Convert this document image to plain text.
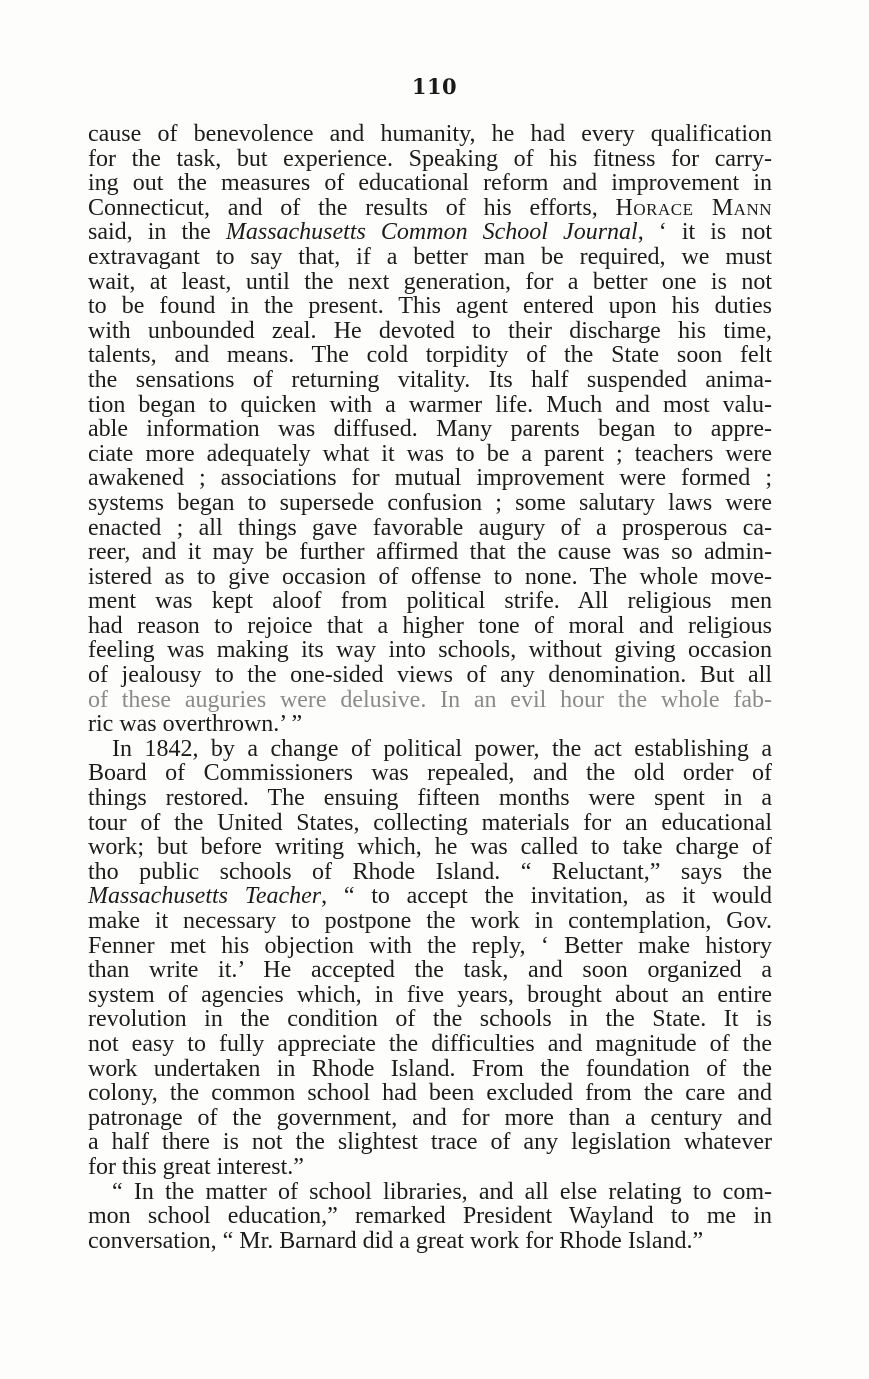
110
cause of benevolence and humanity, he had every qualification
for the task, but experience. Speaking of his fitness for carry-
ing out the measures of educational reform and improvement in
Connecticut, and of the results of his efforts, Horace Mann
said, in the Massachusetts Common School Journal, ‘ it is not
extravagant to say that, if a better man be required, we must
wait, at least, until the next generation, for a better one is not
to be found in the present. This agent entered upon his duties
with unbounded zeal. He devoted to their discharge his time,
talents, and means. The cold torpidity of the State soon felt
the sensations of returning vitality. Its half suspended anima-
tion began to quicken with a warmer life. Much and most valu-
able information was diffused. Many parents began to appre-
ciate more adequately what it was to be a parent ; teachers were
awakened ; associations for mutual improvement were formed ;
systems began to supersede confusion ; some salutary laws were
enacted ; all things gave favorable augury of a prosperous ca-
reer, and it may be further affirmed that the cause was so admin-
istered as to give occasion of offense to none. The whole move-
ment was kept aloof from political strife. All religious men
had reason to rejoice that a higher tone of moral and religious
feeling was making its way into schools, without giving occasion
of jealousy to the one-sided views of any denomination. But all
of these auguries were delusive. In an evil hour the whole fab-
ric was overthrown.’ ”
In 1842, by a change of political power, the act establishing a
Board of Commissioners was repealed, and the old order of
things restored. The ensuing fifteen months were spent in a
tour of the United States, collecting materials for an educational
work; but before writing which, he was called to take charge of
tho public schools of Rhode Island. “ Reluctant,” says the
Massachusetts Teacher, “ to accept the invitation, as it would
make it necessary to postpone the work in contemplation, Gov.
Fenner met his objection with the reply, ‘ Better make history
than write it.’ He accepted the task, and soon organized a
system of agencies which, in five years, brought about an entire
revolution in the condition of the schools in the State. It is
not easy to fully appreciate the difficulties and magnitude of the
work undertaken in Rhode Island. From the foundation of the
colony, the common school had been excluded from the care and
patronage of the government, and for more than a century and
a half there is not the slightest trace of any legislation whatever
for this great interest.”
“ In the matter of school libraries, and all else relating to com-
mon school education,” remarked President Wayland to me in
conversation, “ Mr. Barnard did a great work for Rhode Island.”
